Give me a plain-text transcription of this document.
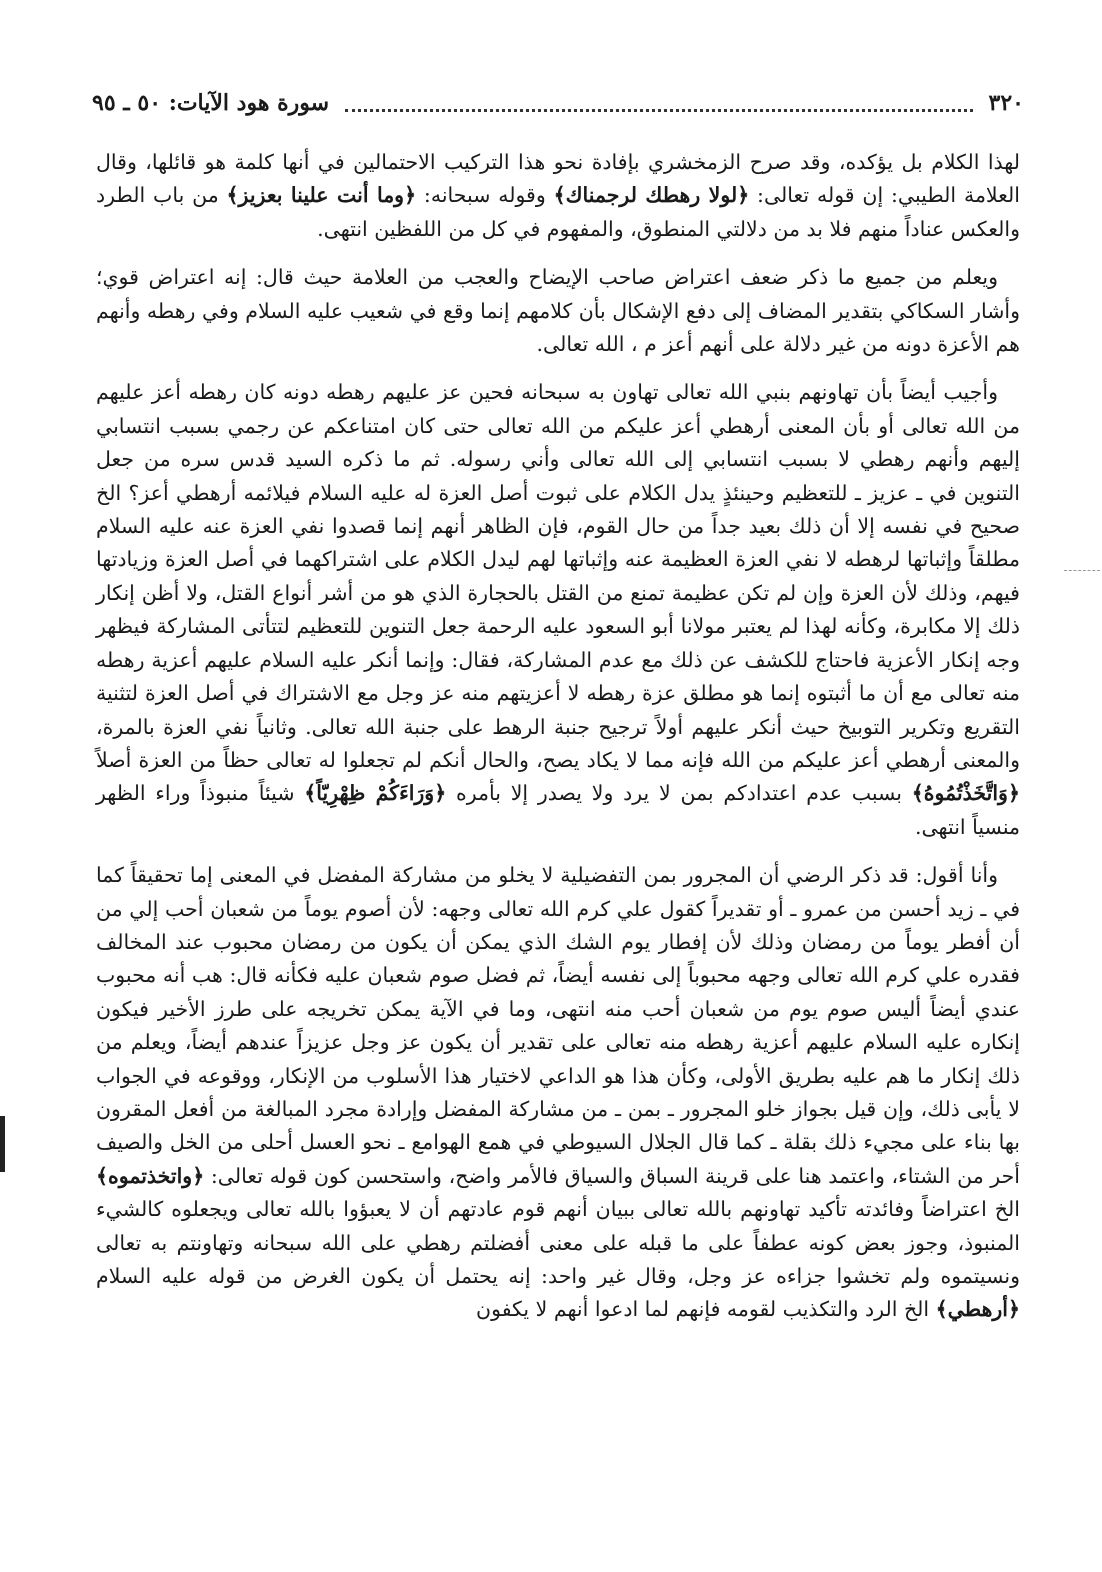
٣٢٠
سورة هود الآيات: ٥٠ ـ ٩٥

لهذا الكلام بل يؤكده، وقد صرح الزمخشري بإفادة نحو هذا التركيب الاحتمالين في أنها كلمة هو قائلها، وقال العلامة الطيبي: إن قوله تعالى: ﴿لولا رهطك لرجمناك﴾ وقوله سبحانه: ﴿وما أنت علينا بعزيز﴾ من باب الطرد والعكس عناداً منهم فلا بد من دلالتي المنطوق، والمفهوم في كل من اللفظين انتهى.

ويعلم من جميع ما ذكر ضعف اعتراض صاحب الإيضاح والعجب من العلامة حيث قال: إنه اعتراض قوي؛ وأشار السكاكي بتقدير المضاف إلى دفع الإشكال بأن كلامهم إنما وقع في شعيب عليه السلام وفي رهطه وأنهم هم الأعزة دونه من غير دلالة على أنهم أعز م ، الله تعالى.

وأجيب أيضاً بأن تهاونهم بنبي الله تعالى تهاون به سبحانه فحين عز عليهم رهطه دونه كان رهطه أعز عليهم من الله تعالى أو بأن المعنى أرهطي أعز عليكم من الله تعالى حتى كان امتناعكم عن رجمي بسبب انتسابي إليهم وأنهم رهطي لا بسبب انتسابي إلى الله تعالى وأني رسوله. ثم ما ذكره السيد قدس سره من جعل التنوين في ـ عزيز ـ للتعظيم وحينئذٍ يدل الكلام على ثبوت أصل العزة له عليه السلام فيلائمه أرهطي أعز؟ الخ صحيح في نفسه إلا أن ذلك بعيد جداً من حال القوم، فإن الظاهر أنهم إنما قصدوا نفي العزة عنه عليه السلام مطلقاً وإثباتها لرهطه لا نفي العزة العظيمة عنه وإثباتها لهم ليدل الكلام على اشتراكهما في أصل العزة وزيادتها فيهم، وذلك لأن العزة وإن لم تكن عظيمة تمنع من القتل بالحجارة الذي هو من أشر أنواع القتل، ولا أظن إنكار ذلك إلا مكابرة، وكأنه لهذا لم يعتبر مولانا أبو السعود عليه الرحمة جعل التنوين للتعظيم لتتأتى المشاركة فيظهر وجه إنكار الأعزية فاحتاج للكشف عن ذلك مع عدم المشاركة، فقال: وإنما أنكر عليه السلام عليهم أعزية رهطه منه تعالى مع أن ما أثبتوه إنما هو مطلق عزة رهطه لا أعزيتهم منه عز وجل مع الاشتراك في أصل العزة لتثنية التقريع وتكرير التوبيخ حيث أنكر عليهم أولاً ترجيح جنبة الرهط على جنبة الله تعالى. وثانياً نفي العزة بالمرة، والمعنى أرهطي أعز عليكم من الله فإنه مما لا يكاد يصح، والحال أنكم لم تجعلوا له تعالى حظاً من العزة أصلاً ﴿وَاتَّخَذْتُمُوهُ﴾ بسبب عدم اعتدادكم بمن لا يرد ولا يصدر إلا بأمره ﴿وَرَاءَكُمْ ظِهْرِيّاً﴾ شيئاً منبوذاً وراء الظهر منسياً انتهى.

وأنا أقول: قد ذكر الرضي أن المجرور بمن التفضيلية لا يخلو من مشاركة المفضل في المعنى إما تحقيقاً كما في ـ زيد أحسن من عمرو ـ أو تقديراً كقول علي كرم الله تعالى وجهه: لأن أصوم يوماً من شعبان أحب إلي من أن أفطر يوماً من رمضان وذلك لأن إفطار يوم الشك الذي يمكن أن يكون من رمضان محبوب عند المخالف فقدره علي كرم الله تعالى وجهه محبوباً إلى نفسه أيضاً، ثم فضل صوم شعبان عليه فكأنه قال: هب أنه محبوب عندي أيضاً أليس صوم يوم من شعبان أحب منه انتهى، وما في الآية يمكن تخريجه على طرز الأخير فيكون إنكاره عليه السلام عليهم أعزية رهطه منه تعالى على تقدير أن يكون عز وجل عزيزاً عندهم أيضاً، ويعلم من ذلك إنكار ما هم عليه بطريق الأولى، وكأن هذا هو الداعي لاختيار هذا الأسلوب من الإنكار، ووقوعه في الجواب لا يأبى ذلك، وإن قيل بجواز خلو المجرور ـ بمن ـ من مشاركة المفضل وإرادة مجرد المبالغة من أفعل المقرون بها بناء على مجيء ذلك بقلة ـ كما قال الجلال السيوطي في همع الهوامع ـ نحو العسل أحلى من الخل والصيف أحر من الشتاء، واعتمد هنا على قرينة السباق والسياق فالأمر واضح، واستحسن كون قوله تعالى: ﴿واتخذتموه﴾ الخ اعتراضاً وفائدته تأكيد تهاونهم بالله تعالى ببيان أنهم قوم عادتهم أن لا يعبؤوا بالله تعالى ويجعلوه كالشيء المنبوذ، وجوز بعض كونه عطفاً على ما قبله على معنى أفضلتم رهطي على الله سبحانه وتهاونتم به تعالى ونسيتموه ولم تخشوا جزاءه عز وجل، وقال غير واحد: إنه يحتمل أن يكون الغرض من قوله عليه السلام ﴿أرهطي﴾ الخ الرد والتكذيب لقومه فإنهم لما ادعوا أنهم لا يكفون
